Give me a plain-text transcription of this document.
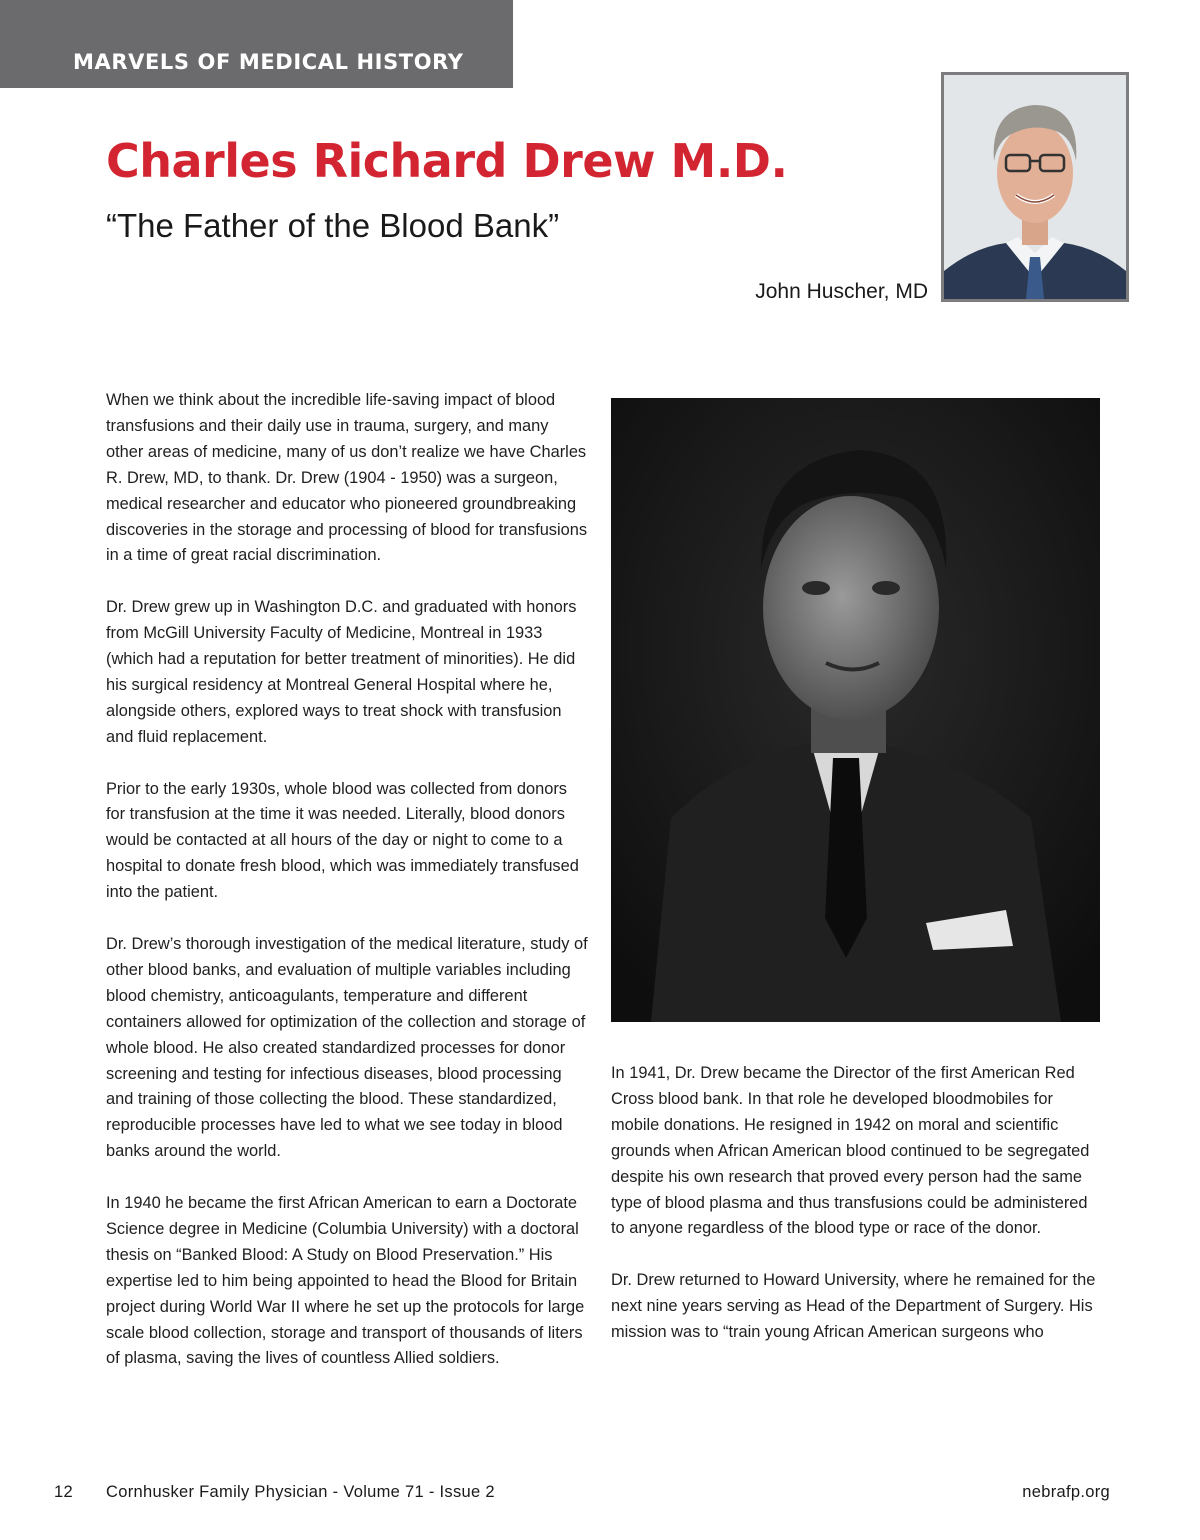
MARVELS OF MEDICAL HISTORY
Charles Richard Drew M.D.
“The Father of the Blood Bank”
John Huscher, MD

When we think about the incredible life-saving impact of blood transfusions and their daily use in trauma, surgery, and many other areas of medicine, many of us don’t realize we have Charles R. Drew, MD, to thank. Dr. Drew (1904 - 1950) was a surgeon, medical researcher and educator who pioneered groundbreaking discoveries in the storage and processing of blood for transfusions in a time of great racial discrimination.

Dr. Drew grew up in Washington D.C. and graduated with honors from McGill University Faculty of Medicine, Montreal in 1933 (which had a reputation for better treatment of minorities). He did his surgical residency at Montreal General Hospital where he, alongside others, explored ways to treat shock with transfusion and fluid replacement.

Prior to the early 1930s, whole blood was collected from donors for transfusion at the time it was needed. Literally, blood donors would be contacted at all hours of the day or night to come to a hospital to donate fresh blood, which was immediately transfused into the patient.

Dr. Drew’s thorough investigation of the medical literature, study of other blood banks, and evaluation of multiple variables including blood chemistry, anticoagulants, temperature and different containers allowed for optimization of the collection and storage of whole blood. He also created standardized processes for donor screening and testing for infectious diseases, blood processing and training of those collecting the blood. These standardized, reproducible processes have led to what we see today in blood banks around the world.

In 1940 he became the first African American to earn a Doctorate Science degree in Medicine (Columbia University) with a doctoral thesis on “Banked Blood: A Study on Blood Preservation.” His expertise led to him being appointed to head the Blood for Britain project during World War II where he set up the protocols for large scale blood collection, storage and transport of thousands of liters of plasma, saving the lives of countless Allied soldiers.

In 1941, Dr. Drew became the Director of the first American Red Cross blood bank. In that role he developed bloodmobiles for mobile donations. He resigned in 1942 on moral and scientific grounds when African American blood continued to be segregated despite his own research that proved every person had the same type of blood plasma and thus transfusions could be administered to anyone regardless of the blood type or race of the donor.

Dr. Drew returned to Howard University, where he remained for the next nine years serving as Head of the Department of Surgery. His mission was to “train young African American surgeons who

12 Cornhusker Family Physician - Volume 71 - Issue 2	nebrafp.org
